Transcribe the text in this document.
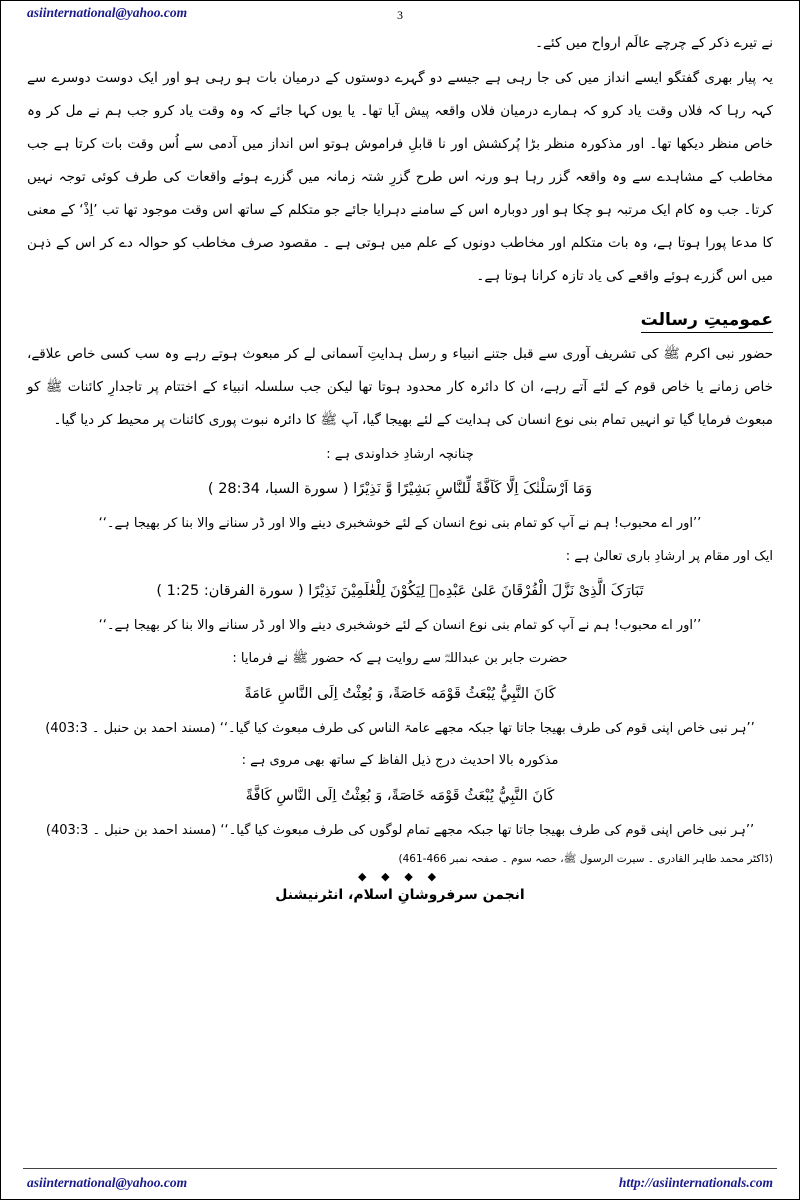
asiinternational@yahoo.com	3

نے تیرے ذکر کے چرچے عالَم ارواح میں کئے۔

یہ پیار بھری گفتگو ایسے انداز میں کی جا رہی ہے جیسے دو گہرے دوستوں کے درمیان بات ہو رہی ہو اور ایک دوست دوسرے سے کہہ رہا کہ فلاں وقت یاد کرو کہ ہمارے درمیان فلاں واقعہ پیش آیا تھا۔ یا یوں کہا جائے کہ وہ وقت یاد کرو جب ہم نے مل کر وہ خاص منظر دیکھا تھا۔ اور مذکورہ منظر بڑا پُرکشش اور نا قابلِ فراموش ہوتو اس انداز میں آدمی سے اُس وقت بات کرتا ہے جب مخاطب کے مشاہدے سے وہ واقعہ گزر رہا ہو ورنہ اس طرح گزرِ شتہ زمانہ میں گزرے ہوئے واقعات کی طرف کوئی توجہ نہیں کرتا۔ جب وہ کام ایک مرتبہ ہو چکا ہو اور دوبارہ اس کے سامنے دہرایا جائے جو متکلم کے ساتھ اس وقت موجود تھا تب ’اِذْ‘ کے معنی کا مدعا پورا ہوتا ہے، وہ بات متکلم اور مخاطب دونوں کے علم میں ہوتی ہے ۔ مقصود صرف مخاطب کو حوالہ دے کر اس کے ذہن میں اس گزرے ہوئے واقعے کی یاد تازہ کرانا ہوتا ہے۔

عمومیتِ رسالت

حضور نبی اکرم ﷺ کی تشریف آوری سے قبل جتنے انبیاء و رسل ہدایتِ آسمانی لے کر مبعوث ہوتے رہے وہ سب کسی خاص علاقے، خاص زمانے یا خاص قوم کے لئے آتے رہے، ان کا دائرہ کار محدود ہوتا تھا لیکن جب سلسلہ انبیاء کے اختتام پر تاجدارِ کائنات ﷺ کو مبعوث فرمایا گیا تو انہیں تمام بنی نوع انسان کی ہدایت کے لئے بھیجا گیا، آپ ﷺ کا دائرہ نبوت پوری کائنات پر محیط کر دیا گیا۔

چنانچہ ارشادِ خداوندی ہے :

وَمَا اَرْسَلْنٰکَ اِلَّا کَآفَّةً لِّلنَّاسِ بَشِیْرًا وَّ نَذِیْرًا ( سورة السبا، 28:34 )

’’اور اے محبوب! ہم نے آپ کو تمام بنی نوع انسان کے لئے خوشخبری دینے والا اور ڈر سنانے والا بنا کر بھیجا ہے۔‘‘

ایک اور مقام پر ارشادِ باری تعالیٰ ہے :

تَبَارَکَ الَّذِیْ نَزَّلَ الْفُرْقَانَ عَلیٰ عَبْدِهٖ لِیَکُوْنَ لِلْعٰلَمِیْنَ نَذِیْرًا ( سورة الفرقان: 1:25 )

’’اور اے محبوب! ہم نے آپ کو تمام بنی نوع انسان کے لئے خوشخبری دینے والا اور ڈر سنانے والا بنا کر بھیجا ہے۔‘‘

حضرت جابر بن عبداللہؓ سے روایت ہے کہ حضور ﷺ نے فرمایا :

کَانَ النَّبِيُّ یُبْعَثُ قَوْمَه خَاصَةً، وَ بُعِثْتُ اِلَی النَّاسِ عَامَةً

’’ہر نبی خاص اپنی قوم کی طرف بھیجا جاتا تھا جبکہ مجھے عامۃ الناس کی طرف مبعوث کیا گیا۔‘‘ (مسند احمد بن حنبل ۔ 403:3)

مذکورہ بالا احدیث درج ذیل الفاظ کے ساتھ بھی مروی ہے :

کَانَ النَّبِيُّ یُبْعَثُ قَوْمَه خَاصَةً، وَ بُعِثْتُ اِلَی النَّاسِ کَافَّةً

’’ہر نبی خاص اپنی قوم کی طرف بھیجا جاتا تھا جبکہ مجھے تمام لوگوں کی طرف مبعوث کیا گیا۔‘‘ (مسند احمد بن حنبل ۔ 403:3)

(ڈاکٹر محمد طاہر القادری ۔ سیرت الرسول ﷺ، حصہ سوم ۔ صفحہ نمبر 466-461)

◆ ◆ ◆ ◆
انجمن سرفروشانِ اسلام، انٹرنیشنل
asiinternational@yahoo.com	http://asiinternationals.com
